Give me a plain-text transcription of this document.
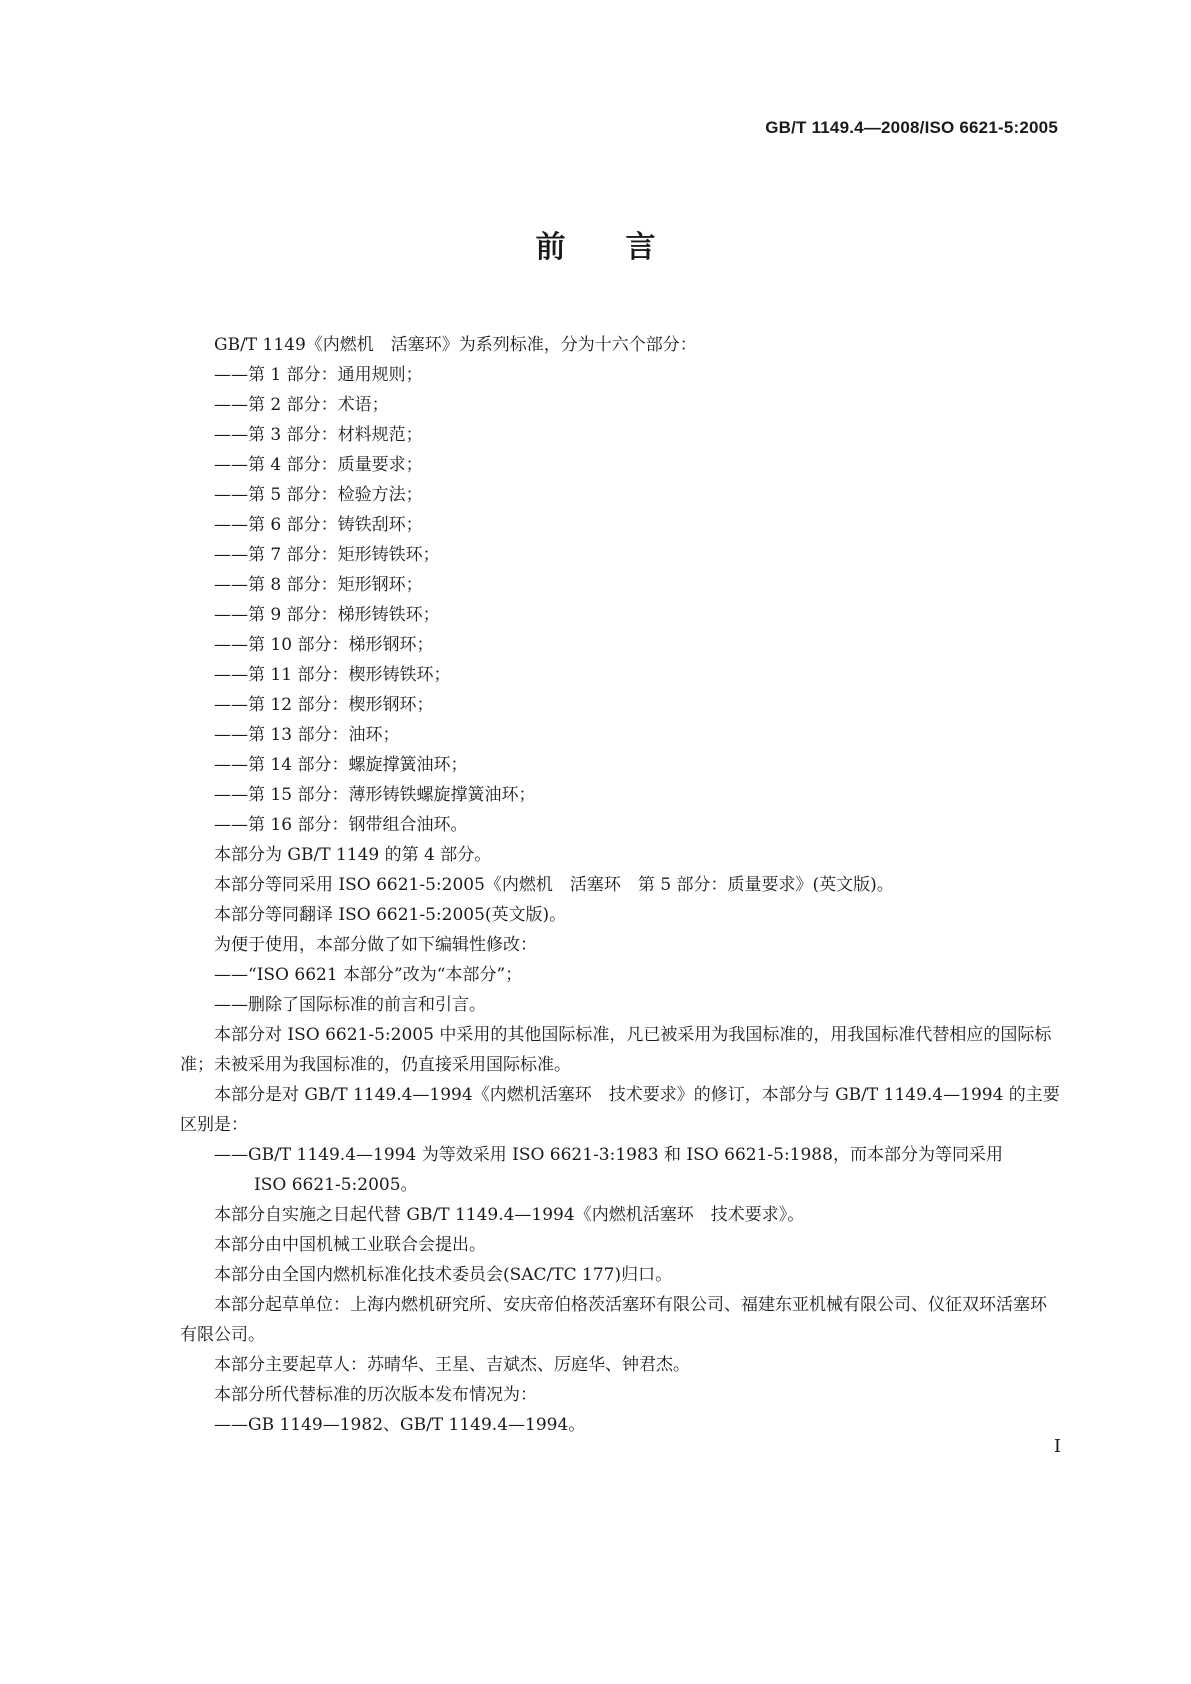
GB/T 1149.4—2008/ISO 6621-5:2005
前言

GB/T 1149《内燃机　活塞环》为系列标准，分为十六个部分：

——第 1 部分：通用规则；

——第 2 部分：术语；

——第 3 部分：材料规范；

——第 4 部分：质量要求；

——第 5 部分：检验方法；

——第 6 部分：铸铁刮环；

——第 7 部分：矩形铸铁环；

——第 8 部分：矩形钢环；

——第 9 部分：梯形铸铁环；

——第 10 部分：梯形钢环；

——第 11 部分：楔形铸铁环；

——第 12 部分：楔形钢环；

——第 13 部分：油环；

——第 14 部分：螺旋撑簧油环；

——第 15 部分：薄形铸铁螺旋撑簧油环；

——第 16 部分：钢带组合油环。

本部分为 GB/T 1149 的第 4 部分。

本部分等同采用 ISO 6621-5:2005《内燃机　活塞环　第 5 部分：质量要求》(英文版)。

本部分等同翻译 ISO 6621-5:2005(英文版)。

为便于使用，本部分做了如下编辑性修改：

——“ISO 6621 本部分”改为“本部分”；

——删除了国际标准的前言和引言。

本部分对 ISO 6621-5:2005 中采用的其他国际标准，凡已被采用为我国标准的，用我国标准代替相应的国际标准；未被采用为我国标准的，仍直接采用国际标准。

本部分是对 GB/T 1149.4—1994《内燃机活塞环　技术要求》的修订，本部分与 GB/T 1149.4—1994 的主要区别是：

——GB/T 1149.4—1994 为等效采用 ISO 6621-3:1983 和 ISO 6621-5:1988，而本部分为等同采用
ISO 6621-5:2005。

本部分自实施之日起代替 GB/T 1149.4—1994《内燃机活塞环　技术要求》。

本部分由中国机械工业联合会提出。

本部分由全国内燃机标准化技术委员会(SAC/TC 177)归口。

本部分起草单位：上海内燃机研究所、安庆帝伯格茨活塞环有限公司、福建东亚机械有限公司、仪征双环活塞环有限公司。

本部分主要起草人：苏晴华、王星、吉斌杰、厉庭华、钟君杰。

本部分所代替标准的历次版本发布情况为：

——GB 1149—1982、GB/T 1149.4—1994。

I
